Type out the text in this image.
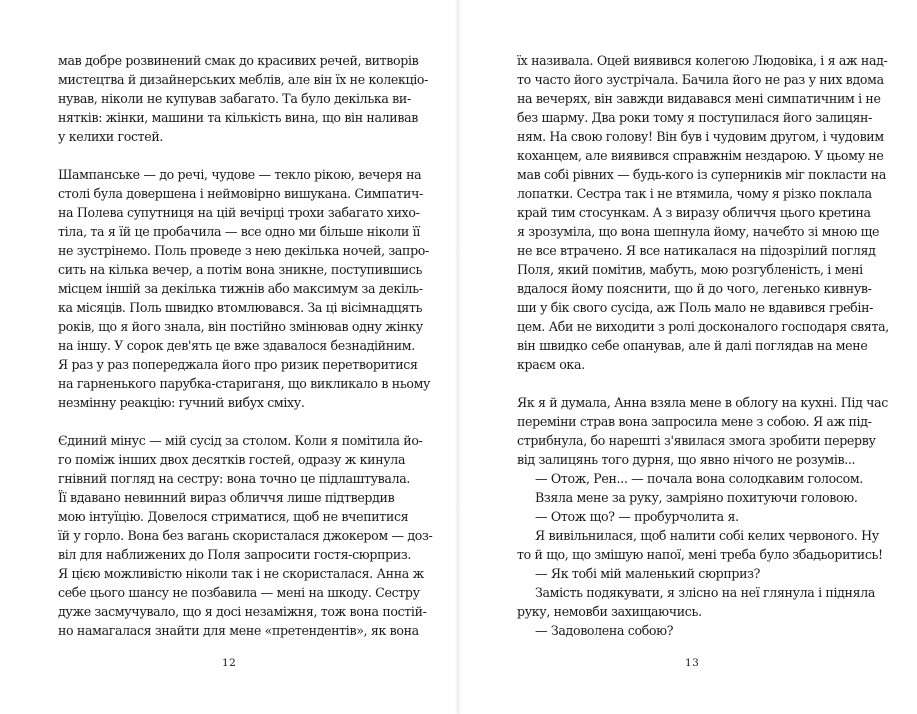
мав добре розвинений смак до красивих речей, витворів
мистецтва й дизайнерських меблів, але він їх не колекціо-
нував, ніколи не купував забагато. Та було декілька ви-
нятків: жінки, машини та кількість вина, що він наливав
у келихи гостей.
Шампанське — до речі, чудове — текло рікою, вечеря на
столі була довершена і неймовірно вишукана. Симпатич-
на Полева супутниця на цій вечірці трохи забагато хихо-
тіла, та я їй це пробачила — все одно ми більше ніколи її
не зустрінемо. Поль проведе з нею декілька ночей, запро-
сить на кілька вечер, а потім вона зникне, поступившись
місцем іншій за декілька тижнів або максимум за декіль-
ка місяців. Поль швидко втомлювався. За ці вісімнадцять
років, що я його знала, він постійно змінював одну жінку
на іншу. У сорок дев'ять це вже здавалося безнадійним.
Я раз у раз попереджала його про ризик перетворитися
на гарненького парубка-стариганя, що викликало в ньому
незмінну реакцію: гучний вибух сміху.
Єдиний мінус — мій сусід за столом. Коли я помітила йо-
го поміж інших двох десятків гостей, одразу ж кинула
гнівний погляд на сестру: вона точно це підлаштувала.
Її вдавано невинний вираз обличчя лише підтвердив
мою інтуїцію. Довелося стриматися, щоб не вчепитися
їй у горло. Вона без вагань скористалася джокером — доз-
віл для наближених до Поля запросити гостя-сюрприз.
Я цією можливістю ніколи так і не скористалася. Анна ж
себе цього шансу не позбавила — мені на шкоду. Сестру
дуже засмучувало, що я досі незаміжня, тож вона постій-
но намагалася знайти для мене «претендентів», як вона
12
їх називала. Оцей виявився колегою Людовіка, і я аж над-
то часто його зустрічала. Бачила його не раз у них вдома
на вечерях, він завжди видавався мені симпатичним і не
без шарму. Два роки тому я поступилася його залицян-
ням. На свою голову! Він був і чудовим другом, і чудовим
коханцем, але виявився справжнім нездарою. У цьому не
мав собі рівних — будь-кого із суперників міг покласти на
лопатки. Сестра так і не втямила, чому я різко поклала
край тим стосункам. А з виразу обличчя цього кретина
я зрозуміла, що вона шепнула йому, начебто зі мною ще
не все втрачено. Я все натикалася на підозрілий погляд
Поля, який помітив, мабуть, мою розгубленість, і мені
вдалося йому пояснити, що й до чого, легенько кивнув-
ши у бік свого сусіда, аж Поль мало не вдавився гребін-
цем. Аби не виходити з ролі досконалого господаря свята,
він швидко себе опанував, але й далі поглядав на мене
краєм ока.
Як я й думала, Анна взяла мене в облогу на кухні. Під час
переміни страв вона запросила мене з собою. Я аж під-
стрибнула, бо нарешті з'явилася змога зробити перерву
від залицянь того дурня, що явно нічого не розумів...
— Отож, Рен... — почала вона солодкавим голосом.
Взяла мене за руку, замріяно похитуючи головою.
— Отож що? — пробурчолита я.
Я вивільнилася, щоб налити собі келих червоного. Ну
то й що, що змішую напої, мені треба було збадьоритись!
— Як тобі мій маленький сюрприз?
Замість подякувати, я злісно на неї глянула і підняла
руку, немовби захищаючись.
— Задоволена собою?
13
